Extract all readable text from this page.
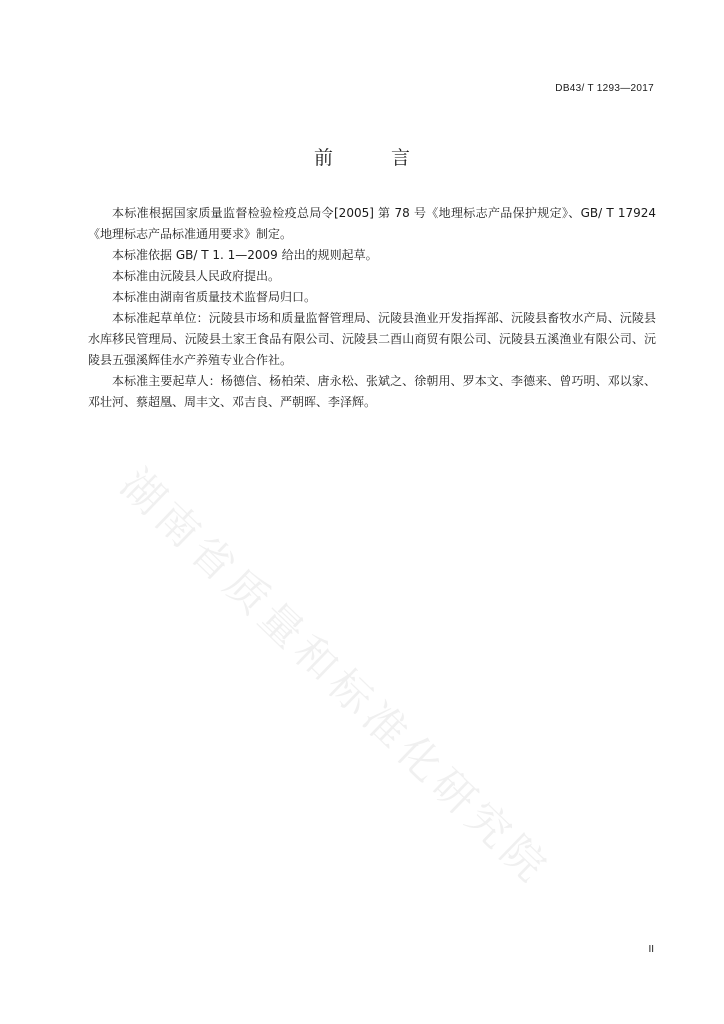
湖南省质量和标准化研究院
DB43/ T 1293—2017
前 言

本标准根据国家质量监督检验检疫总局令[2005] 第 78 号《地理标志产品保护规定》、GB/ T 17924《地理标志产品标准通用要求》制定。

本标准依据 GB/ T 1. 1—2009 给出的规则起草。

本标准由沅陵县人民政府提出。

本标准由湖南省质量技术监督局归口。

本标准起草单位：沅陵县市场和质量监督管理局、沅陵县渔业开发指挥部、沅陵县畜牧水产局、沅陵县水库移民管理局、沅陵县土家王食品有限公司、沅陵县二酉山商贸有限公司、沅陵县五溪渔业有限公司、沅陵县五强溪辉佳水产养殖专业合作社。

本标准主要起草人：杨德信、杨柏荣、唐永松、张斌之、徐朝用、罗本文、李德来、曾巧明、邓以家、邓壮河、蔡超凰、周丰文、邓吉良、严朝晖、李泽辉。

II
